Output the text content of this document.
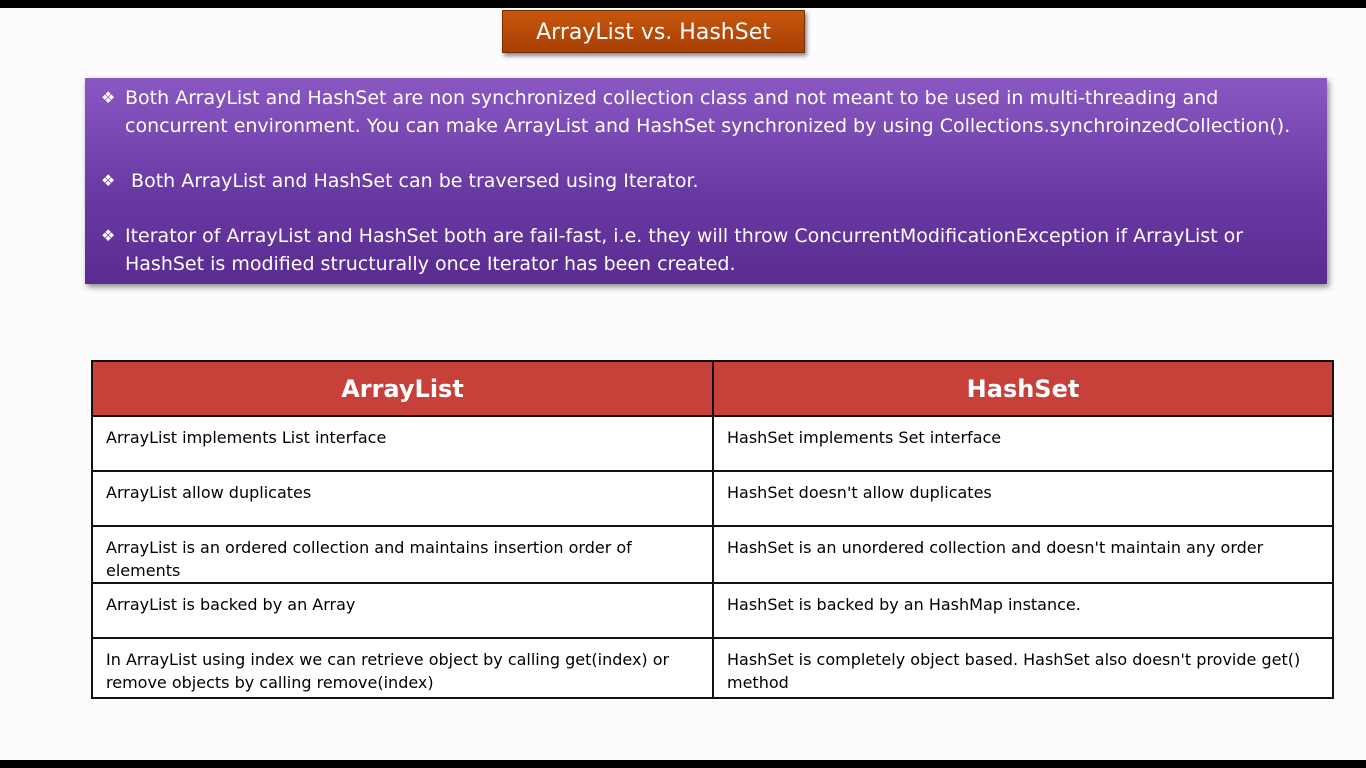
ArrayList vs. HashSet
❖ Both ArrayList and HashSet are non synchronized collection class and not meant to be used in multi-threading and concurrent environment. You can make ArrayList and HashSet synchronized by using Collections.synchroinzedCollection().
❖ Both ArrayList and HashSet can be traversed using Iterator.
❖ Iterator of ArrayList and HashSet both are fail-fast, i.e. they will throw ConcurrentModificationException if ArrayList or HashSet is modified structurally once Iterator has been created.
ArrayList	HashSet
ArrayList implements List interface	HashSet implements Set interface
ArrayList allow duplicates	HashSet doesn't allow duplicates
ArrayList is an ordered collection and maintains insertion order of elements	HashSet is an unordered collection and doesn't maintain any order
ArrayList is backed by an Array	HashSet is backed by an HashMap instance.
In ArrayList using index we can retrieve object by calling get(index) or remove objects by calling remove(index)	HashSet is completely object based. HashSet also doesn't provide get() method
